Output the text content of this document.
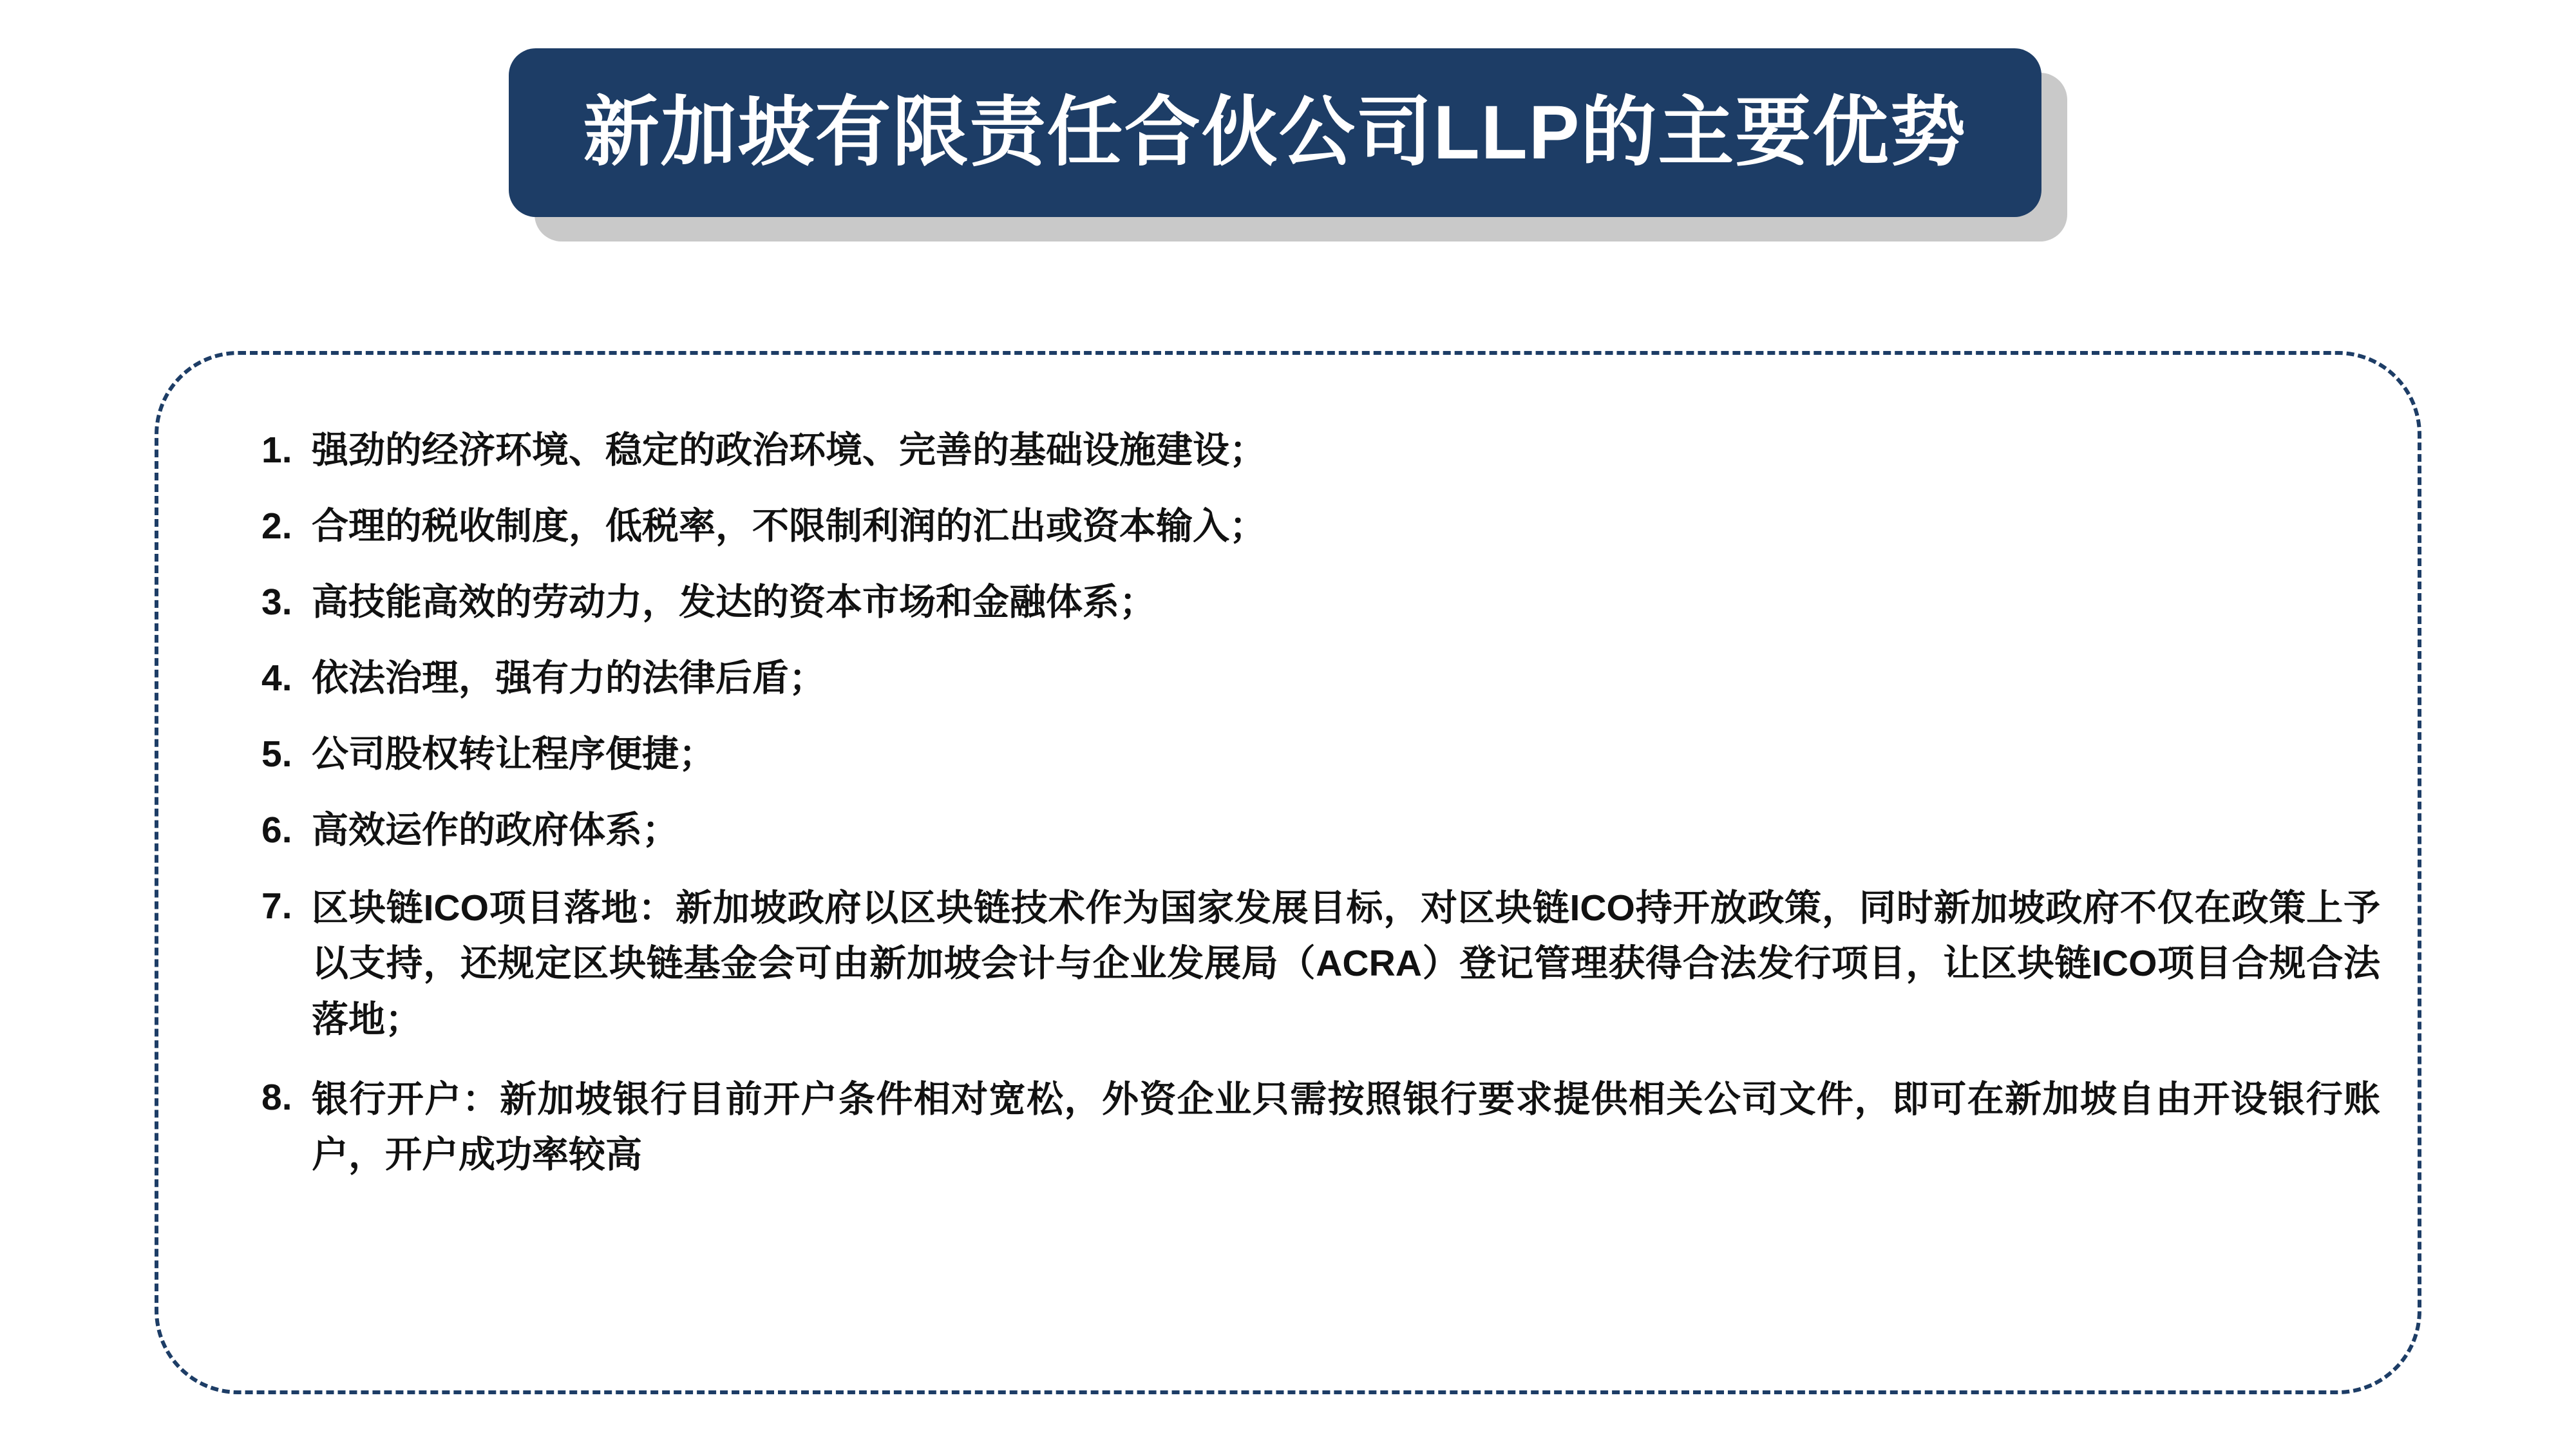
新加坡有限责任合伙公司LLP的主要优势
1. 强劲的经济环境、稳定的政治环境、完善的基础设施建设；
2. 合理的税收制度，低税率，不限制利润的汇出或资本输入；
3. 高技能高效的劳动力，发达的资本市场和金融体系；
4. 依法治理，强有力的法律后盾；
5. 公司股权转让程序便捷；
6. 高效运作的政府体系；
7. 区块链ICO项目落地：新加坡政府以区块链技术作为国家发展目标，对区块链ICO持开放政策，同时新加坡政府不仅在政策上予以支持，还规定区块链基金会可由新加坡会计与企业发展局（ACRA）登记管理获得合法发行项目，让区块链ICO项目合规合法落地；
8. 银行开户：新加坡银行目前开户条件相对宽松，外资企业只需按照银行要求提供相关公司文件，即可在新加坡自由开设银行账户，开户成功率较高
